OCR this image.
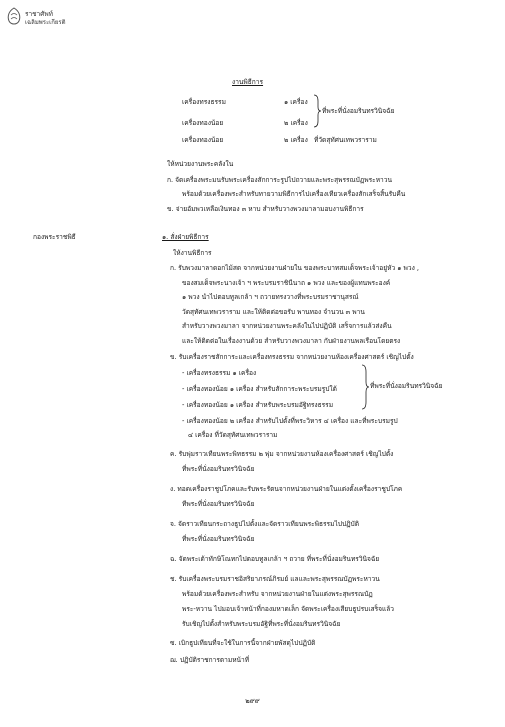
ราชาศัพท์
เฉลิมพระเกียรติ
งานพิธีการ
เครื่องทรงธรรม	๑ เครื่อง
ที่พระที่นั่งอมรินทรวินิจฉัย
เครื่องทองน้อย	๒ เครื่อง
เครื่องทองน้อย	๒ เครื่อง ที่วัดสุทัศนเทพวราราม
ให้หน่วยงานพระคลังใน
ก. จัดเครื่องพระมนรับพระเครื่องสักการะรูปไปถวายและพระสุพรรณบัฏพระหาวน
พร้อมด้วยเครื่องพระสำหรับทายวามพิธีการไปเครื่องเทียวเครื่องสักเสร็จสิ้นรับคืน
ข. จ่ายอัมพวเหลือเงินทอง ๓ หาบ สำหรับวางพวงมาลามอบงานพิธีการ
กองพระราชพิธี	๑. สั่งฝ่ายพิธีการ
ให้งานพิธีการ
ก. รับพวงมาลาดอกไม้สด จากหน่วยงานฝ่ายใน ของพระบาทสมเด็จพระเจ้าอยู่หัว ๑ พวง ,
ของสมเด็จพระนางเจ้า ฯ พระบรมราชินีนาถ ๑ พวง และของผู้แทนพระองค์
๑ พวง นำไปตอบทูลเกล้า ฯ ถวายทรงวางที่พระบรมราชานุสรณ์
วัดสุทัศนเทพวราราม และให้ติดต่อขอรับ พานทอง จำนวน ๓ พาน
สำหรับวางพวงมาลา จากหน่วยงานพระคลังในไปปฏิบัติ เสร็จการแล้วส่งคืน
และให้ติดต่อในเรื่องงานด้วย สำหรับวางพวงมาลา กับฝ่ายงานพลเรือนโดยตรง
ข. รับเครื่องราชสักการะและเครื่องทรงธรรม จากหน่วยงานห้องเครื่องศาสตร์ เชิญไปตั้ง
- เครื่องทรงธรรม ๑ เครื่อง
- เครื่องทองน้อย ๑ เครื่อง สำหรับสักการะพระบรมรูปใต้
- เครื่องทองน้อย ๑ เครื่อง สำหรับพระบรมอัฐิทรงธรรม
- เครื่องทองน้อย ๒ เครื่อง สำหรับไปตั้งที่พระวิหาร ๔ เครื่อง และที่พระบรมรูป
ที่พระที่นั่งอมรินทรวินิจฉัย
๔ เครื่อง ที่วัดสุทัศนเทพวราราม
ค. รับพุ่มราวเทียนพระพิทธรรม ๒ พุ่ม จากหน่วยงานห้องเครื่องศาสตร์ เชิญไปตั้ง
ที่พระที่นั่งอมรินทรวินิจฉัย
ง. ทอดเครื่องราชูปโภคและรับพระรัตนจากหน่วยงานฝ่ายในแต่งตั้งเครื่องราชูปโภค
ทีพระที่นั่งอมรินทรวินิจฉัย
จ. จัดราวเทียนกระถางธูปไปตั้งและจัดราวเทียนพระพิธรรมไปปฏิบัติ
ที่พระที่นั่งอมรินทรวินิจฉัย
ฉ. จัดพระเต้าทักษิโณทกไปตอบทูลเกล้า ฯ ถวาย ที่พระที่นั่งอมรินทรวินิจฉัย
ช. รับเครื่องพระบรมราชอิสริยาภรณ์ภิรมย์ แลและพระสุพรรณบัฏพระหาวน
พร้อมด้วยเครื่องพระสำหรับ จากหน่วยงานฝ่ายในแต่งพระสุพรรณบัฏ
พระ-หวาน ไปมอบเจ้าหน้าที่กองมหาดเล็ก จัดพระเครื่องเสียบธูปรบเสร็จแล้ว
รับเชิญไปตั้งสำหรับพระบรมอัฐิที่พระที่นั่งอมรินทรวินิจฉัย
ซ. เบิกธูปเทียนที่จะใช้ในการนี้จากฝ่ายพัสดุไปปฏิบัติ
ฌ. ปฏิบัติราชการตามหน้าที่
๒๙๙
